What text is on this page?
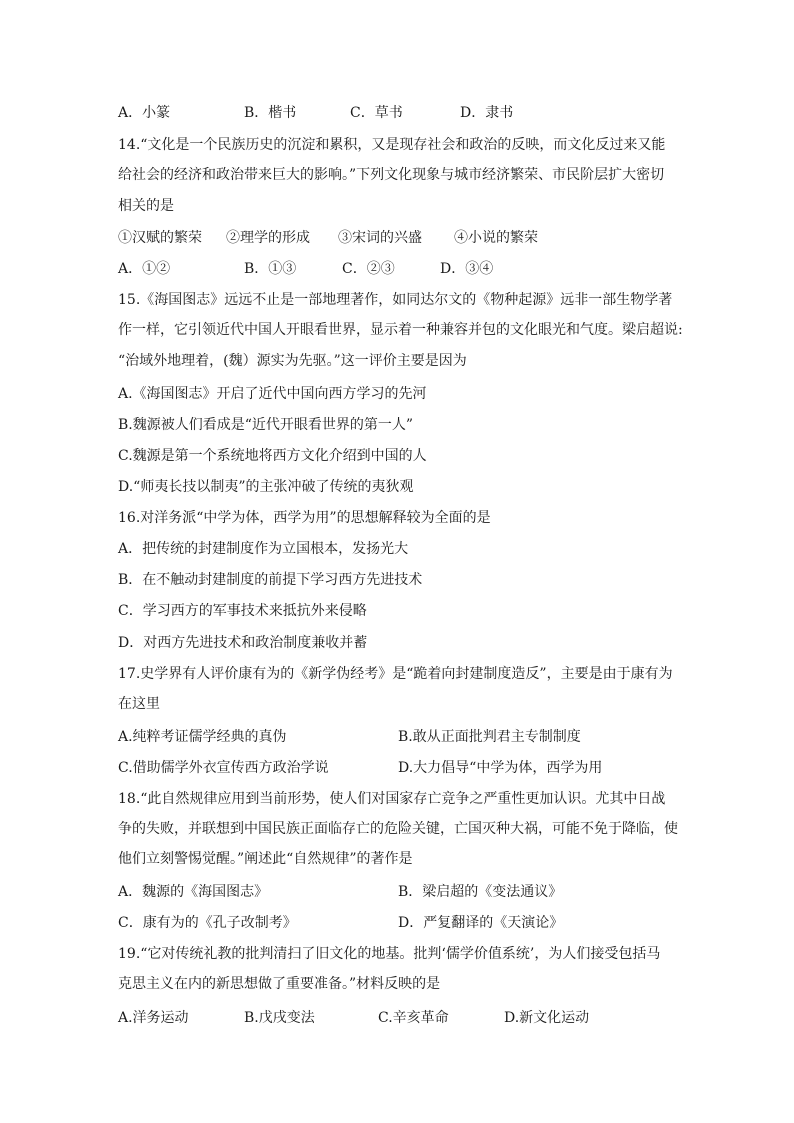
A．小篆	B．楷书	C．草书	D．隶书
14.“文化是一个民族历史的沉淀和累积，又是现存社会和政治的反映，而文化反过来又能
给社会的经济和政治带来巨大的影响。”下列文化现象与城市经济繁荣、市民阶层扩大密切
相关的是
①汉赋的繁荣 ②理学的形成 ③宋词的兴盛 ④小说的繁荣
A．①②	B．①③	C．②③	D．③④
15.《海国图志》远远不止是一部地理著作，如同达尔文的《物种起源》远非一部生物学著
作一样，它引领近代中国人开眼看世界，显示着一种兼容并包的文化眼光和气度。梁启超说:
“治域外地理着，(魏）源实为先驱。”这一评价主要是因为
A.《海国图志》开启了近代中国向西方学习的先河
B.魏源被人们看成是“近代开眼看世界的第一人”
C.魏源是第一个系统地将西方文化介绍到中国的人
D.“师夷长技以制夷”的主张冲破了传统的夷狄观
16.对洋务派“中学为体，西学为用”的思想解释较为全面的是
A．把传统的封建制度作为立国根本，发扬光大
B．在不触动封建制度的前提下学习西方先进技术
C．学习西方的军事技术来抵抗外来侵略
D．对西方先进技术和政治制度兼收并蓄
17.史学界有人评价康有为的《新学伪经考》是“跪着向封建制度造反”，主要是由于康有为
在这里
A.纯粹考证儒学经典的真伪	B.敢从正面批判君主专制制度
C.借助儒学外衣宣传西方政治学说	D.大力倡导“中学为体，西学为用
18.“此自然规律应用到当前形势，使人们对国家存亡竞争之严重性更加认识。尤其中日战
争的失败，并联想到中国民族正面临存亡的危险关键，亡国灭种大祸，可能不免于降临，使
他们立刻警惕觉醒。”阐述此“自然规律”的著作是
A．魏源的《海国图志》	B．梁启超的《变法通议》
C．康有为的《孔子改制考》	D．严复翻译的《天演论》
19.“它对传统礼教的批判清扫了旧文化的地基。批判‘儒学价值系统’，为人们接受包括马
克思主义在内的新思想做了重要准备。”材料反映的是
A.洋务运动	B.戊戌变法	C.辛亥革命	D.新文化运动
